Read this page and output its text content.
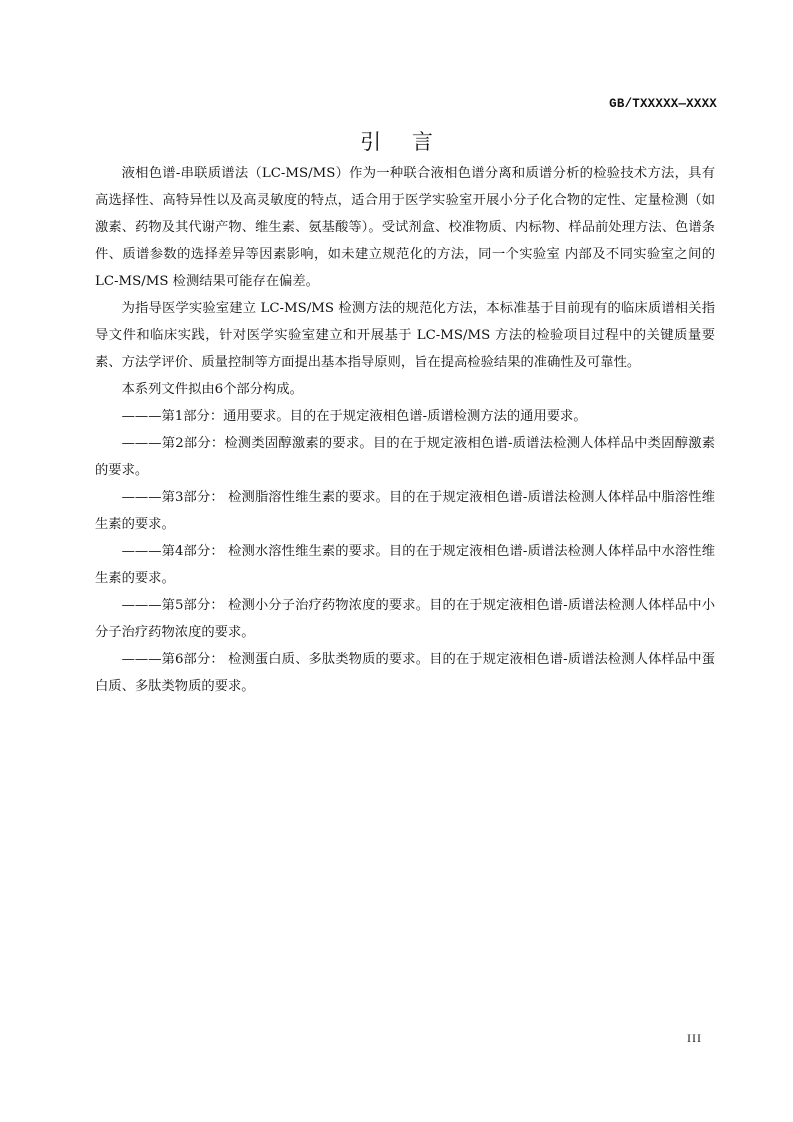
GB/TXXXXX—XXXX
引 言

液相色谱-串联质谱法（LC-MS/MS）作为一种联合液相色谱分离和质谱分析的检验技术方法，具有高选择性、高特异性以及高灵敏度的特点，适合用于医学实验室开展小分子化合物的定性、定量检测（如激素、药物及其代谢产物、维生素、氨基酸等）。受试剂盒、校准物质、内标物、样品前处理方法、色谱条件、质谱参数的选择差异等因素影响，如未建立规范化的方法，同一个实验室 内部及不同实验室之间的 LC-MS/MS 检测结果可能存在偏差。

为指导医学实验室建立 LC-MS/MS 检测方法的规范化方法，本标准基于目前现有的临床质谱相关指导文件和临床实践，针对医学实验室建立和开展基于 LC-MS/MS 方法的检验项目过程中的关键质量要素、方法学评价、质量控制等方面提出基本指导原则，旨在提高检验结果的准确性及可靠性。

本系列文件拟由6个部分构成。

———第1部分：通用要求。目的在于规定液相色谱-质谱检测方法的通用要求。

———第2部分：检测类固醇激素的要求。目的在于规定液相色谱-质谱法检测人体样品中类固醇激素的要求。

———第3部分： 检测脂溶性维生素的要求。目的在于规定液相色谱-质谱法检测人体样品中脂溶性维生素的要求。

———第4部分： 检测水溶性维生素的要求。目的在于规定液相色谱-质谱法检测人体样品中水溶性维生素的要求。

———第5部分： 检测小分子治疗药物浓度的要求。目的在于规定液相色谱-质谱法检测人体样品中小分子治疗药物浓度的要求。

———第6部分： 检测蛋白质、多肽类物质的要求。目的在于规定液相色谱-质谱法检测人体样品中蛋白质、多肽类物质的要求。

III
